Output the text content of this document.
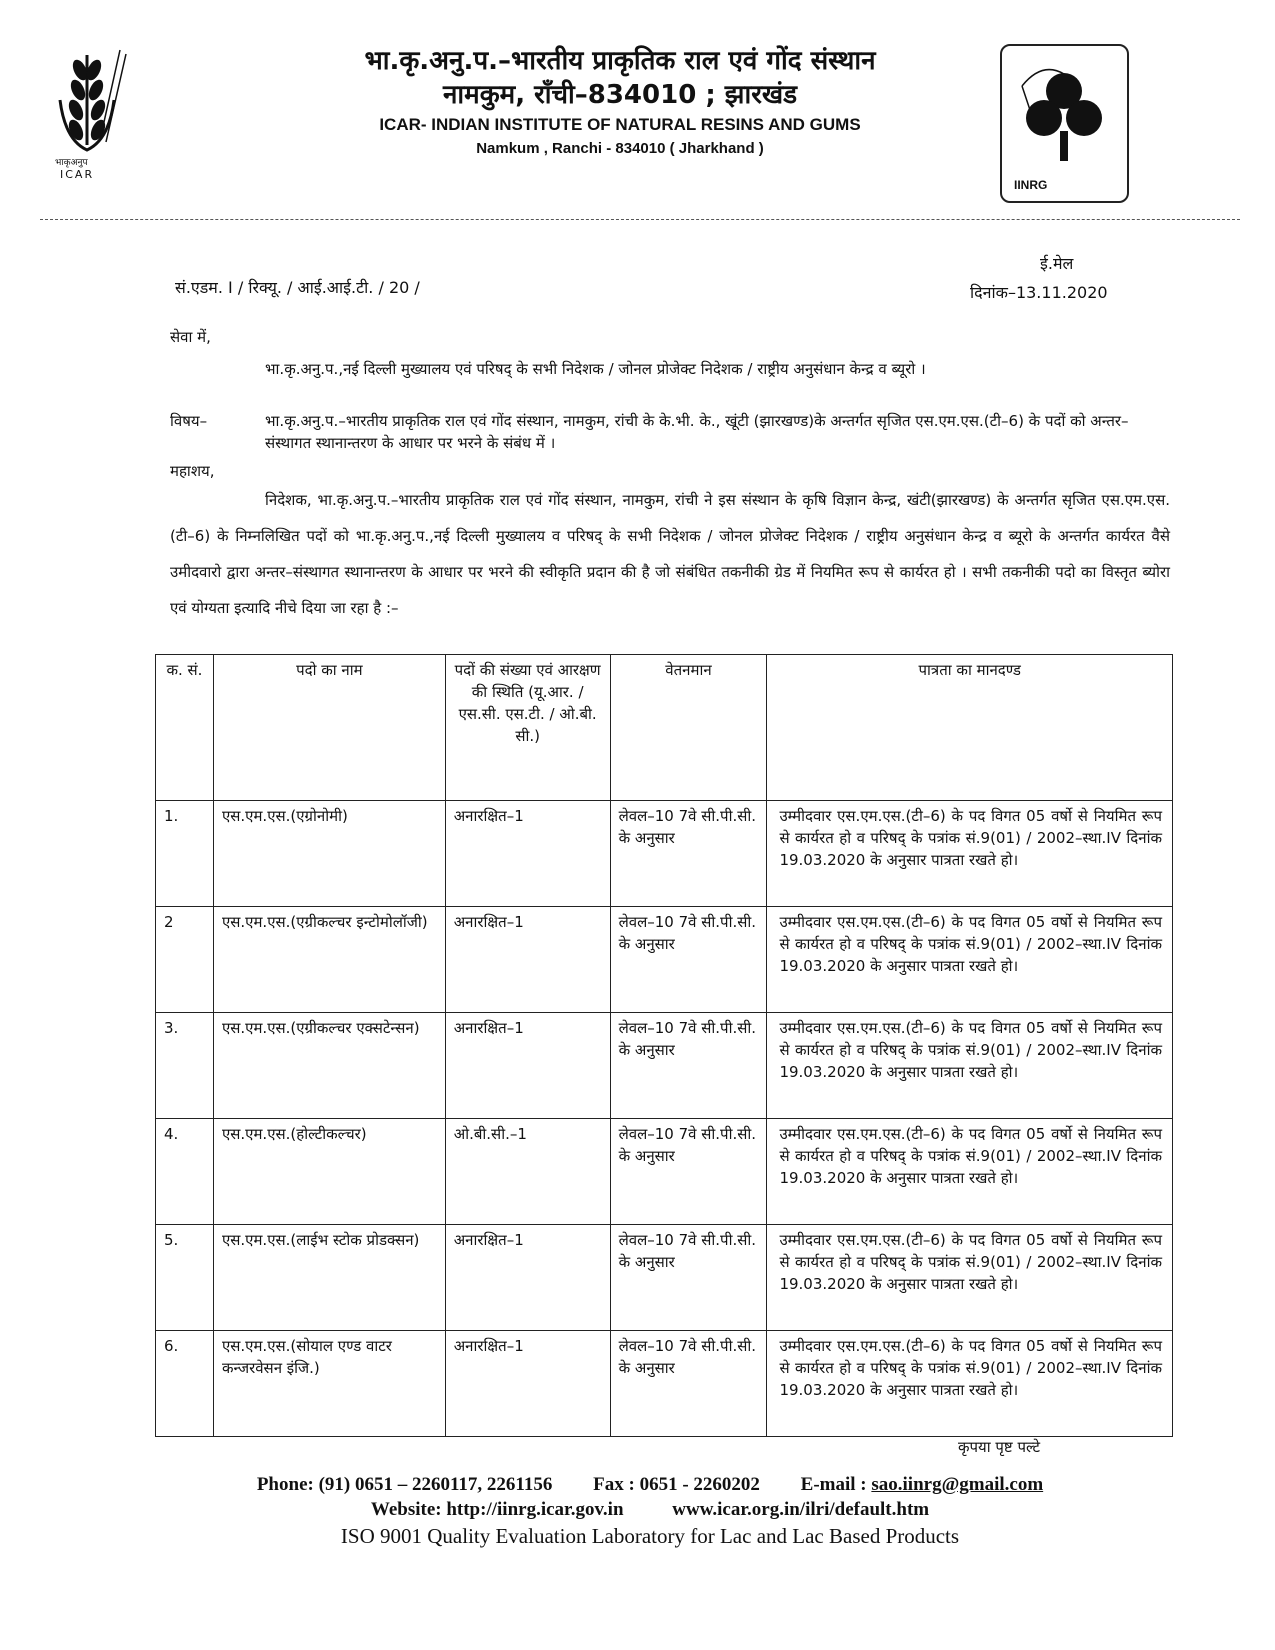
भाकृअनुप
ICAR
भा.कृ.अनु.प.–भारतीय प्राकृतिक राल एवं गोंद संस्थान
नामकुम, राँची–834010 ; झारखंड
ICAR- INDIAN INSTITUTE OF NATURAL RESINS AND GUMS
Namkum , Ranchi - 834010 ( Jharkhand )
IINRG
सं.एडम. I / रिक्यू. / आई.आई.टी. / 20 /
ई.मेल
दिनांक–13.11.2020
सेवा में,
भा.कृ.अनु.प.,नई दिल्ली मुख्यालय एवं परिषद् के सभी निदेशक / जोनल प्रोजेक्ट निदेशक / राष्ट्रीय अनुसंधान केन्द्र व ब्यूरो ।
विषय–	भा.कृ.अनु.प.–भारतीय प्राकृतिक राल एवं गोंद संस्थान, नामकुम, रांची के के.भी. के., खूंटी (झारखण्ड)के अन्तर्गत सृजित एस.एम.एस.(टी–6) के पदों को अन्तर–संस्थागत स्थानान्तरण के आधार पर भरने के संबंध में ।
महाशय,
निदेशक, भा.कृ.अनु.प.–भारतीय प्राकृतिक राल एवं गोंद संस्थान, नामकुम, रांची ने इस संस्थान के कृषि विज्ञान केन्द्र, खंटी(झारखण्ड) के अन्तर्गत सृजित एस.एम.एस.(टी–6) के निम्नलिखित पदों को भा.कृ.अनु.प.,नई दिल्ली मुख्यालय व परिषद् के सभी निदेशक / जोनल प्रोजेक्ट निदेशक / राष्ट्रीय अनुसंधान केन्द्र व ब्यूरो के अन्तर्गत कार्यरत वैसे उमीदवारो द्वारा अन्तर–संस्थागत स्थानान्तरण के आधार पर भरने की स्वीकृति प्रदान की है जो संबंधित तकनीकी ग्रेड में नियमित रूप से कार्यरत हो । सभी तकनीकी पदो का विस्तृत ब्योरा एवं योग्यता इत्यादि नीचे दिया जा रहा है :–
क. सं.	पदो का नाम	पदों की संख्या एवं आरक्षण की स्थिति (यू.आर. / एस.सी. एस.टी. / ओ.बी. सी.)	वेतनमान	पात्रता का मानदण्ड
1.	एस.एम.एस.(एग्रोनोमी)	अनारक्षित–1	लेवल–10 7वे सी.पी.सी. के अनुसार	उम्मीदवार एस.एम.एस.(टी–6) के पद विगत 05 वर्षो से नियमित रूप से कार्यरत हो व परिषद् के पत्रांक सं.9(01) / 2002–स्था.IV दिनांक 19.03.2020 के अनुसार पात्रता रखते हो।
2	एस.एम.एस.(एग्रीकल्चर इन्टोमोलॉजी)	अनारक्षित–1	लेवल–10 7वे सी.पी.सी. के अनुसार	उम्मीदवार एस.एम.एस.(टी–6) के पद विगत 05 वर्षो से नियमित रूप से कार्यरत हो व परिषद् के पत्रांक सं.9(01) / 2002–स्था.IV दिनांक 19.03.2020 के अनुसार पात्रता रखते हो।
3.	एस.एम.एस.(एग्रीकल्चर एक्सटेन्सन)	अनारक्षित–1	लेवल–10 7वे सी.पी.सी. के अनुसार	उम्मीदवार एस.एम.एस.(टी–6) के पद विगत 05 वर्षो से नियमित रूप से कार्यरत हो व परिषद् के पत्रांक सं.9(01) / 2002–स्था.IV दिनांक 19.03.2020 के अनुसार पात्रता रखते हो।
4.	एस.एम.एस.(होल्टीकल्चर)	ओ.बी.सी.–1	लेवल–10 7वे सी.पी.सी. के अनुसार	उम्मीदवार एस.एम.एस.(टी–6) के पद विगत 05 वर्षो से नियमित रूप से कार्यरत हो व परिषद् के पत्रांक सं.9(01) / 2002–स्था.IV दिनांक 19.03.2020 के अनुसार पात्रता रखते हो।
5.	एस.एम.एस.(लाईभ स्टोक प्रोडक्सन)	अनारक्षित–1	लेवल–10 7वे सी.पी.सी. के अनुसार	उम्मीदवार एस.एम.एस.(टी–6) के पद विगत 05 वर्षो से नियमित रूप से कार्यरत हो व परिषद् के पत्रांक सं.9(01) / 2002–स्था.IV दिनांक 19.03.2020 के अनुसार पात्रता रखते हो।
6.	एस.एम.एस.(सोयाल एण्ड वाटर कन्जरवेसन इंजि.)	अनारक्षित–1	लेवल–10 7वे सी.पी.सी. के अनुसार	उम्मीदवार एस.एम.एस.(टी–6) के पद विगत 05 वर्षो से नियमित रूप से कार्यरत हो व परिषद् के पत्रांक सं.9(01) / 2002–स्था.IV दिनांक 19.03.2020 के अनुसार पात्रता रखते हो।
कृपया पृष्ट पल्टे
Phone: (91) 0651 – 2260117, 2261156 Fax : 0651 - 2260202 E-mail : sao.iinrg@gmail.com
Website: http://iinrg.icar.gov.in	www.icar.org.in/ilri/default.htm
ISO 9001 Quality Evaluation Laboratory for Lac and Lac Based Products
